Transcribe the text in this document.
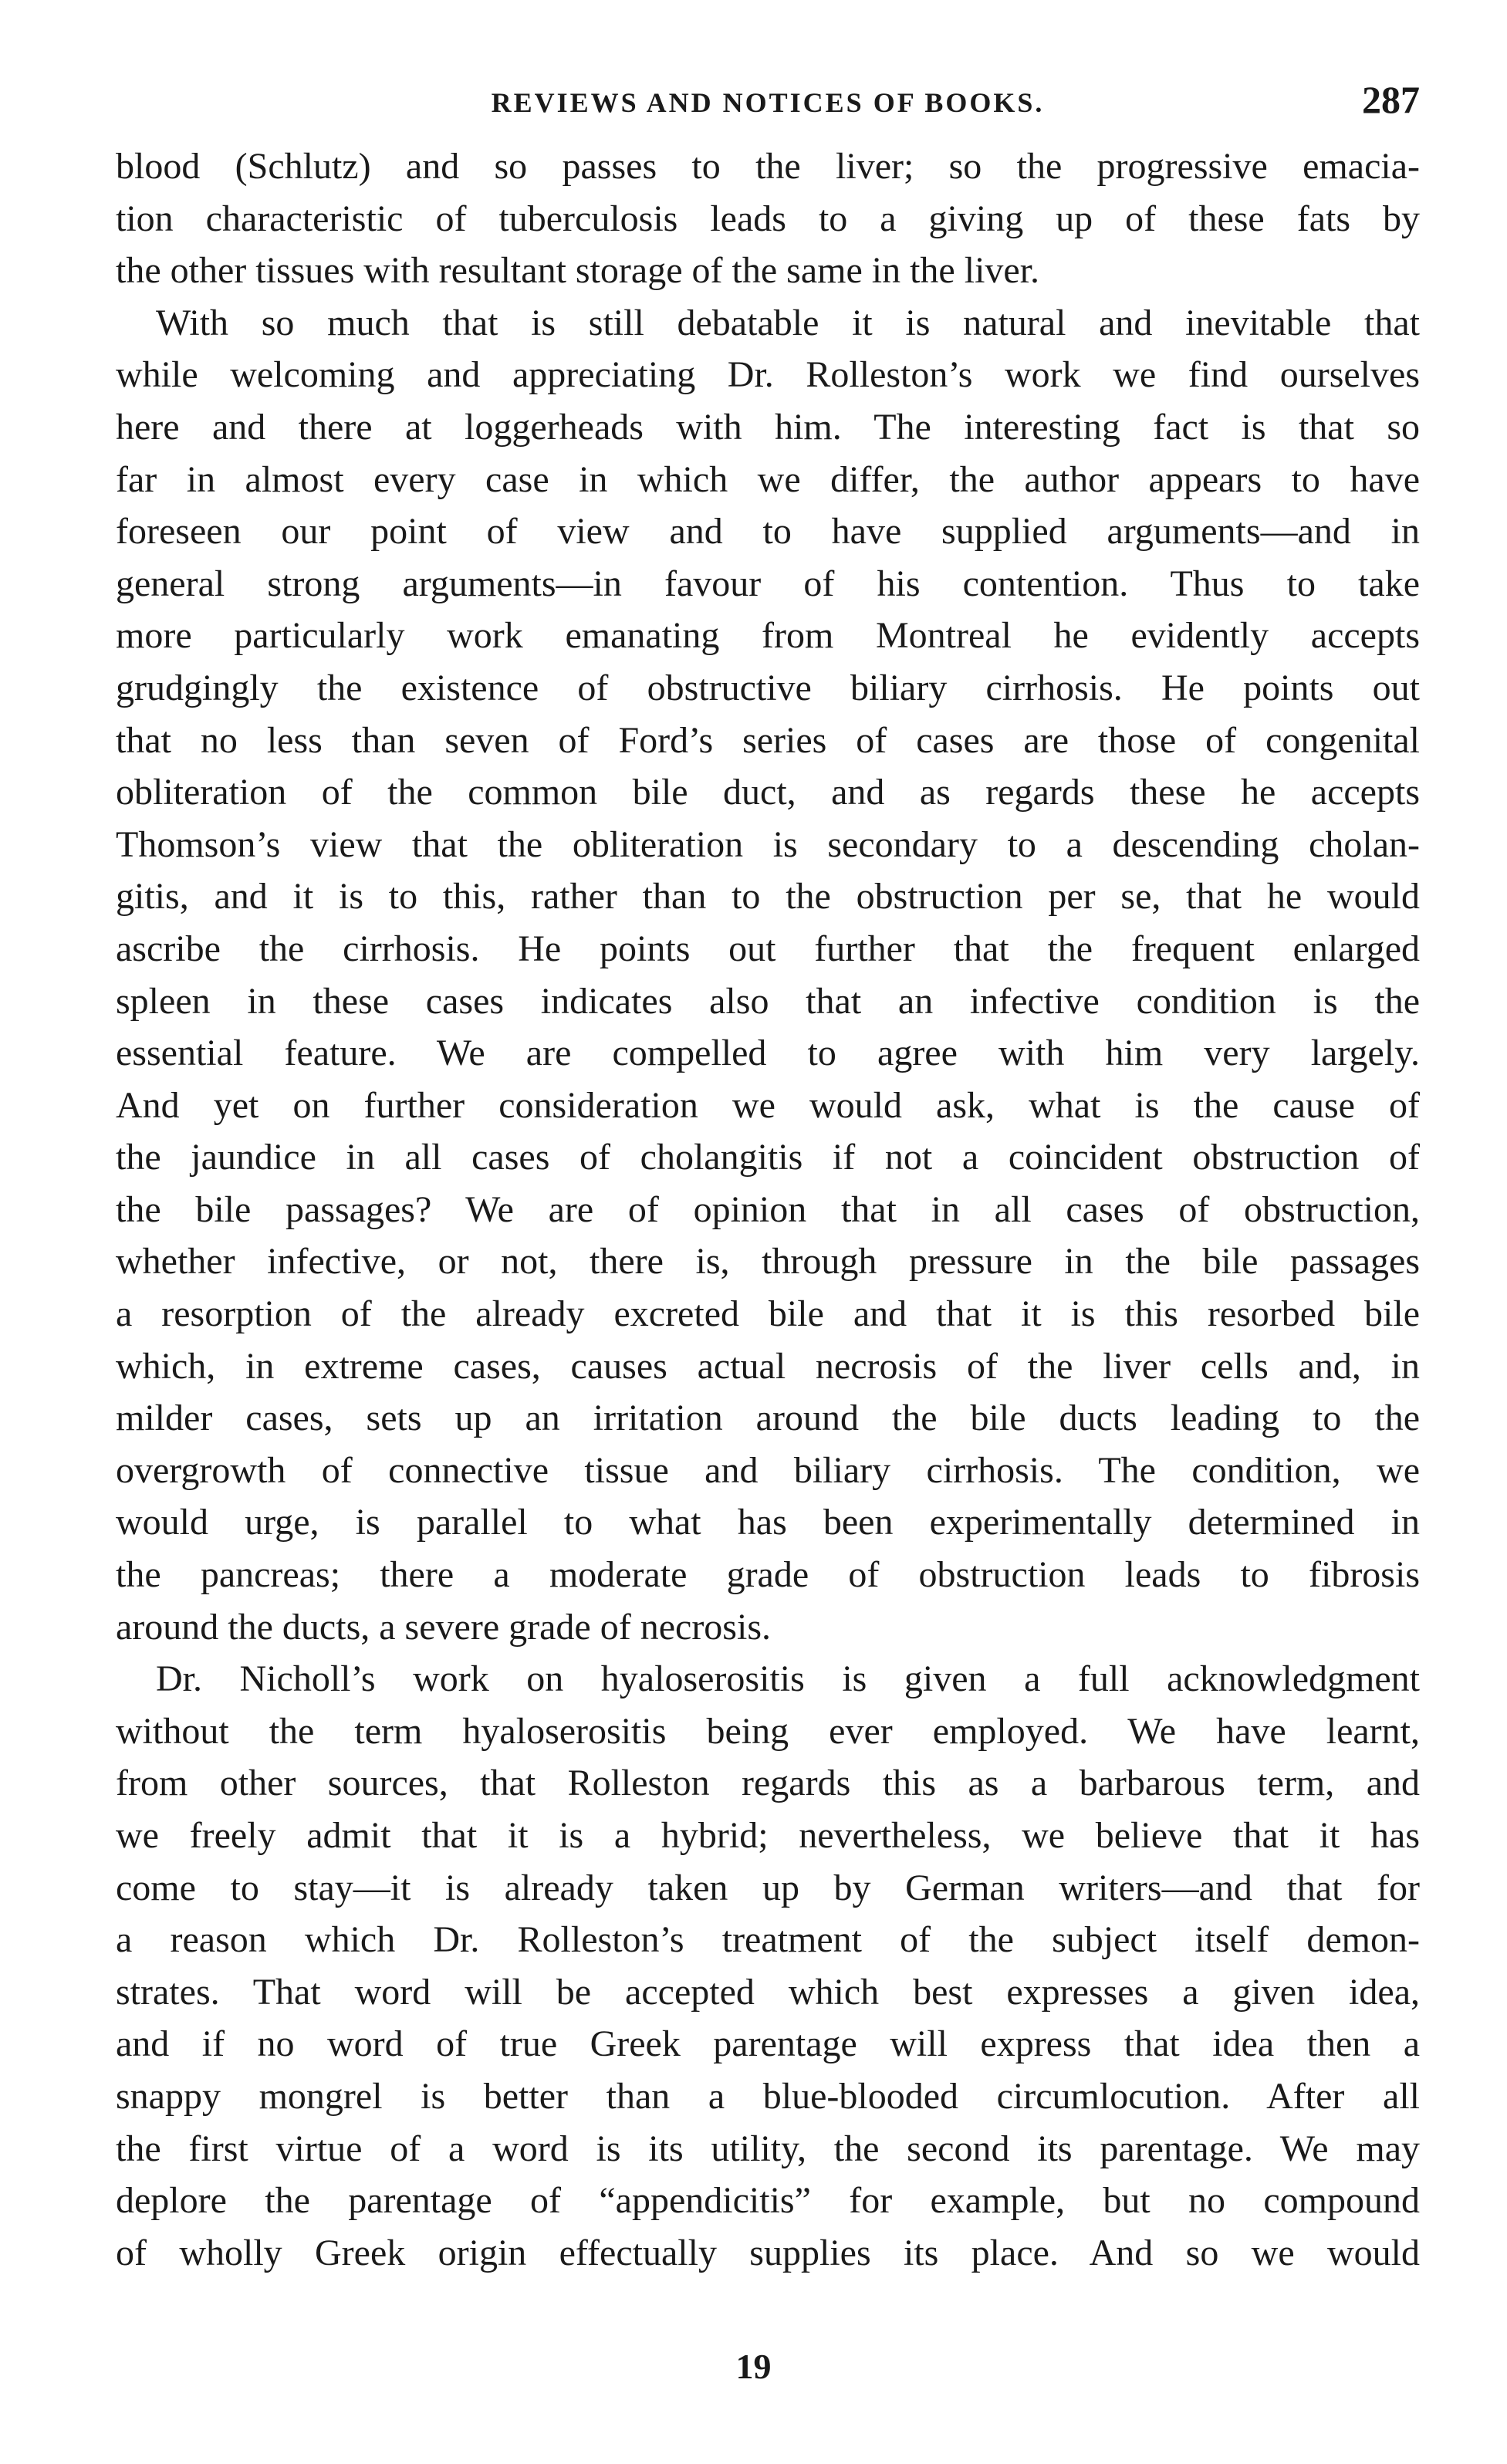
REVIEWS AND NOTICES OF BOOKS.	287
blood (Schlutz) and so passes to the liver; so the progressive emacia-
tion characteristic of tuberculosis leads to a giving up of these fats by
the other tissues with resultant storage of the same in the liver.
With so much that is still debatable it is natural and inevitable that
while welcoming and appreciating Dr. Rolleston’s work we find ourselves
here and there at loggerheads with him. The interesting fact is that so
far in almost every case in which we differ, the author appears to have
foreseen our point of view and to have supplied arguments—and in
general strong arguments—in favour of his contention. Thus to take
more particularly work emanating from Montreal he evidently accepts
grudgingly the existence of obstructive biliary cirrhosis. He points out
that no less than seven of Ford’s series of cases are those of congenital
obliteration of the common bile duct, and as regards these he accepts
Thomson’s view that the obliteration is secondary to a descending cholan-
gitis, and it is to this, rather than to the obstruction per se, that he would
ascribe the cirrhosis. He points out further that the frequent enlarged
spleen in these cases indicates also that an infective condition is the
essential feature. We are compelled to agree with him very largely.
And yet on further consideration we would ask, what is the cause of
the jaundice in all cases of cholangitis if not a coincident obstruction of
the bile passages? We are of opinion that in all cases of obstruction,
whether infective, or not, there is, through pressure in the bile passages
a resorption of the already excreted bile and that it is this resorbed bile
which, in extreme cases, causes actual necrosis of the liver cells and, in
milder cases, sets up an irritation around the bile ducts leading to the
overgrowth of connective tissue and biliary cirrhosis. The condition, we
would urge, is parallel to what has been experimentally determined in
the pancreas; there a moderate grade of obstruction leads to fibrosis
around the ducts, a severe grade of necrosis.
Dr. Nicholl’s work on hyaloserositis is given a full acknowledgment
without the term hyaloserositis being ever employed. We have learnt,
from other sources, that Rolleston regards this as a barbarous term, and
we freely admit that it is a hybrid; nevertheless, we believe that it has
come to stay—it is already taken up by German writers—and that for
a reason which Dr. Rolleston’s treatment of the subject itself demon-
strates. That word will be accepted which best expresses a given idea,
and if no word of true Greek parentage will express that idea then a
snappy mongrel is better than a blue-blooded circumlocution. After all
the first virtue of a word is its utility, the second its parentage. We may
deplore the parentage of “appendicitis” for example, but no compound
of wholly Greek origin effectually supplies its place. And so we would
19
